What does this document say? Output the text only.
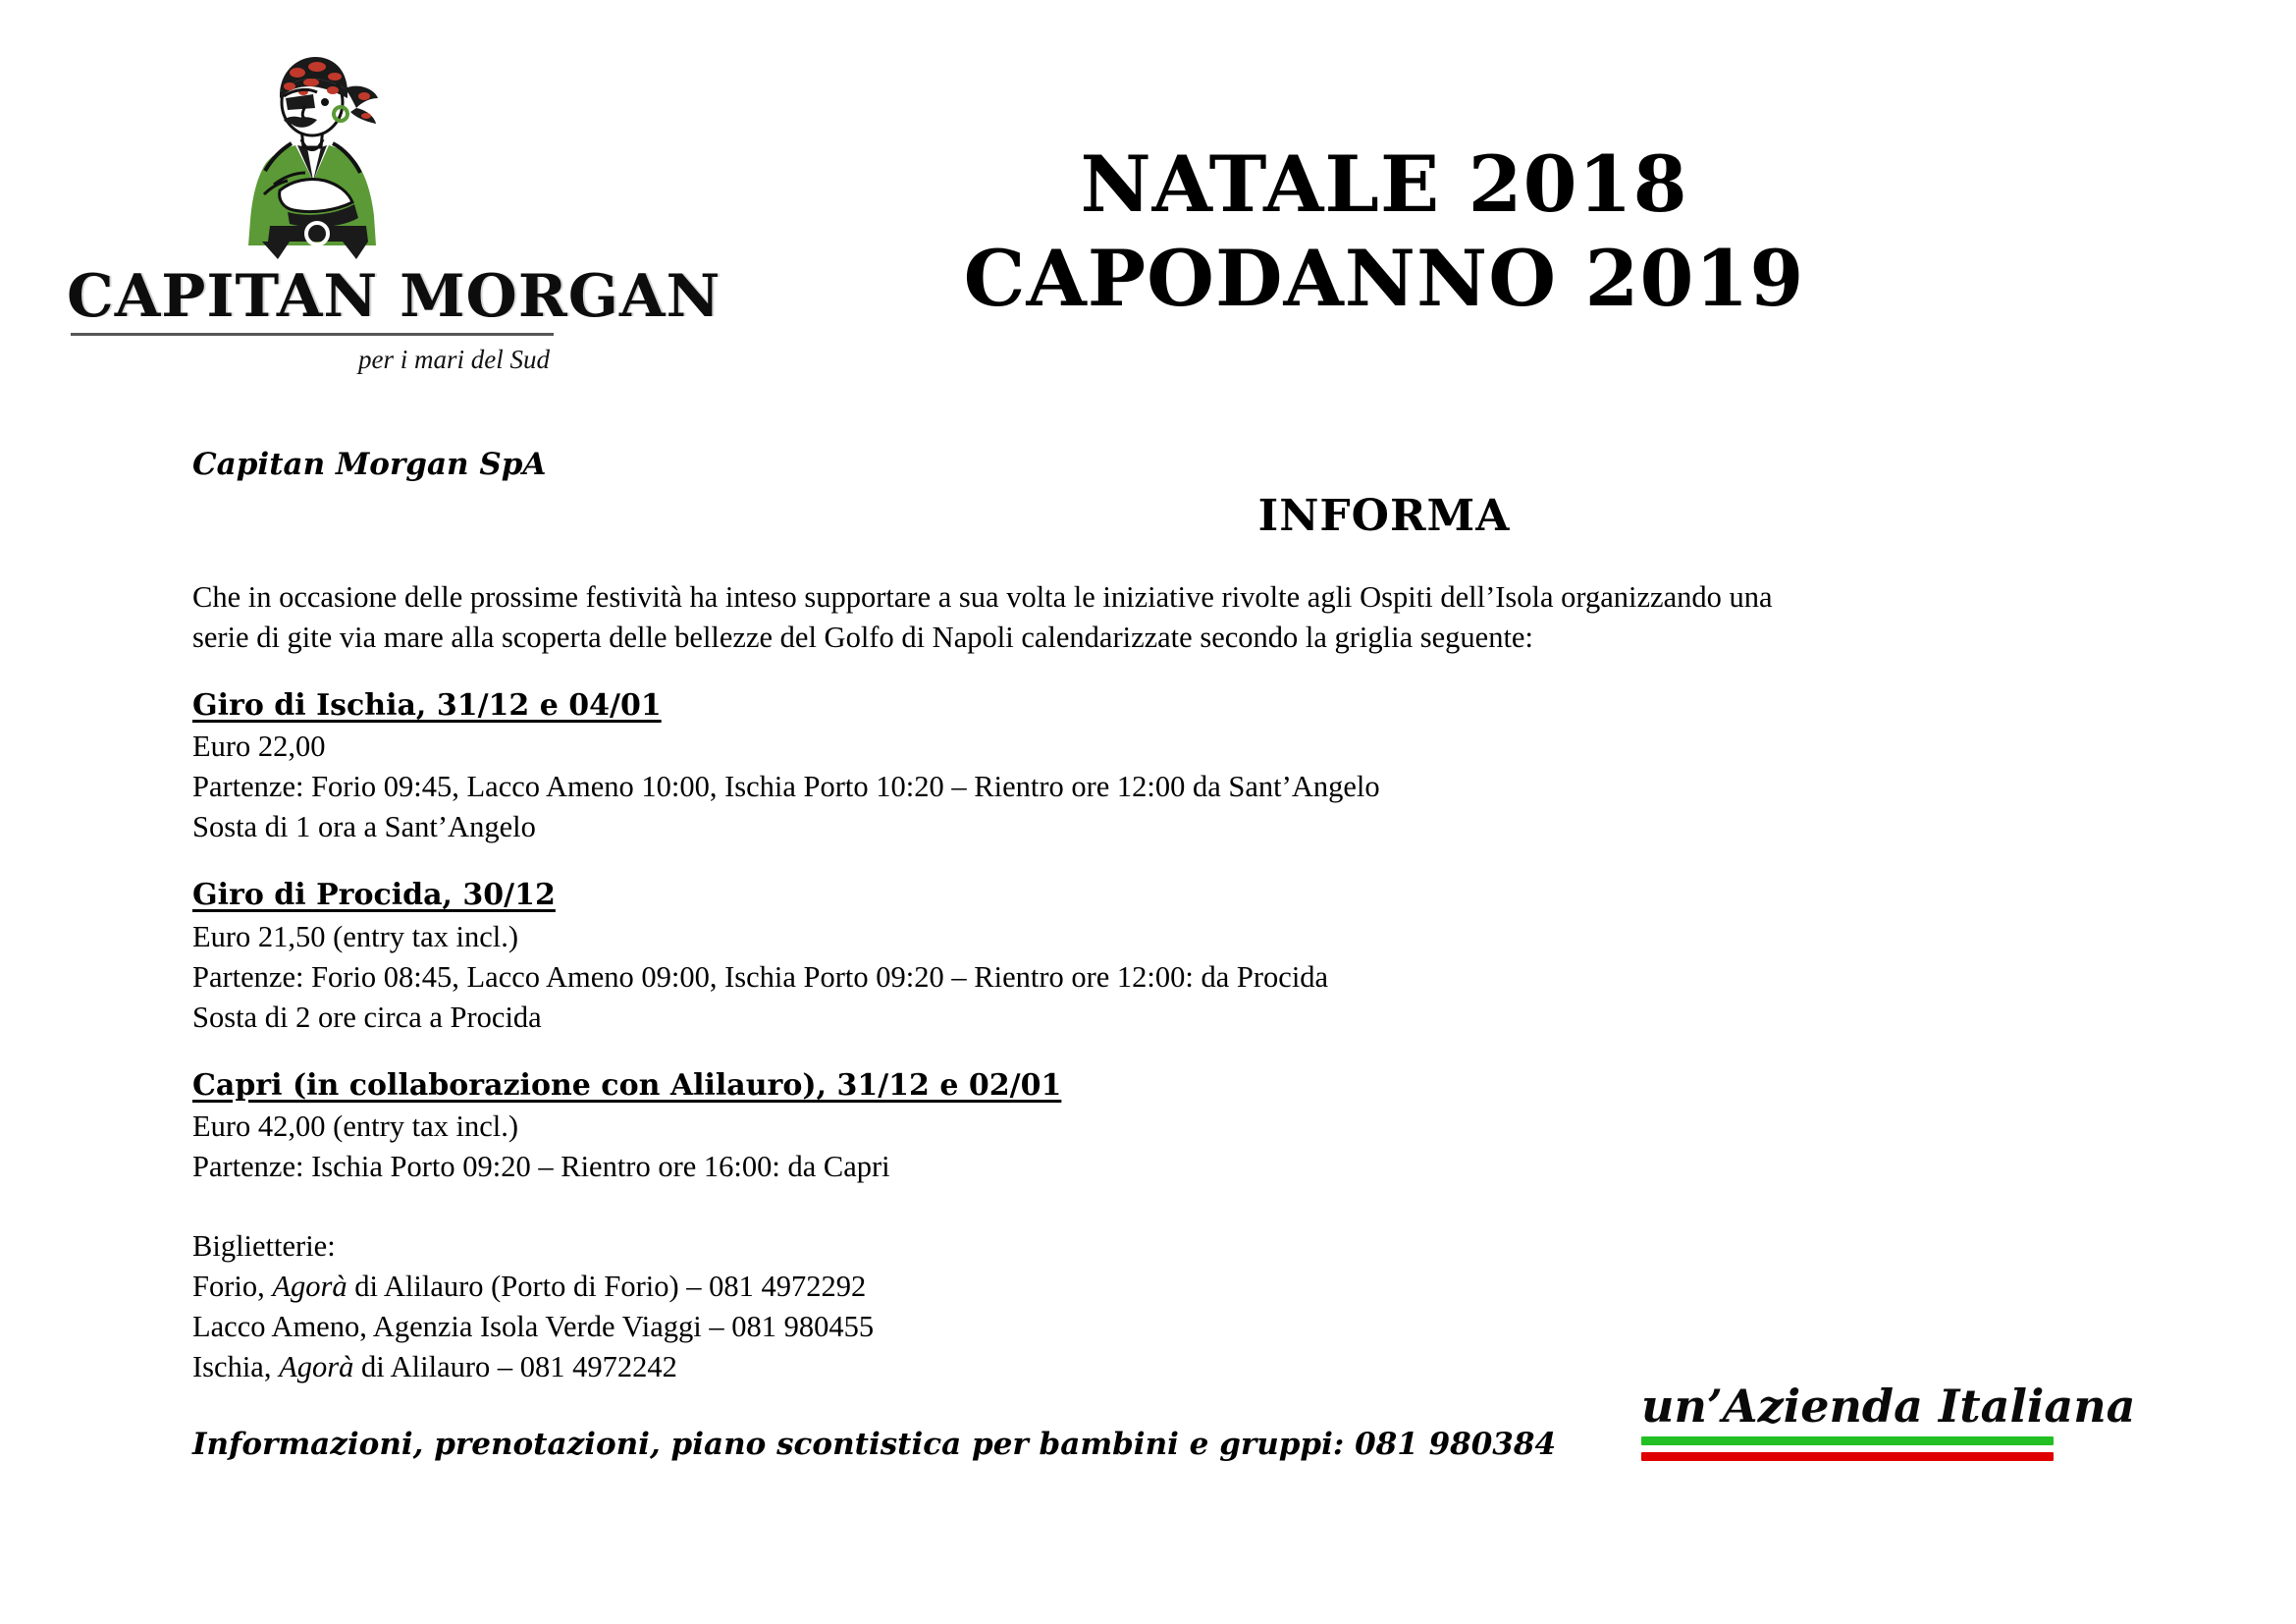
CAPITAN MORGAN
per i mari del Sud
NATALE 2018
CAPODANNO 2019
Capitan Morgan SpA
INFORMA

Che in occasione delle prossime festività ha inteso supportare a sua volta le iniziative rivolte agli Ospiti dell’Isola organizzando una
serie di gite via mare alla scoperta delle bellezze del Golfo di Napoli calendarizzate secondo la griglia seguente:

Giro di Ischia, 31/12 e 04/01
Euro 22,00
Partenze: Forio 09:45, Lacco Ameno 10:00, Ischia Porto 10:20 – Rientro ore 12:00 da Sant’Angelo
Sosta di 1 ora a Sant’Angelo
Giro di Procida, 30/12
Euro 21,50 (entry tax incl.)
Partenze: Forio 08:45, Lacco Ameno 09:00, Ischia Porto 09:20 – Rientro ore 12:00: da Procida
Sosta di 2 ore circa a Procida
Capri (in collaborazione con Alilauro), 31/12 e 02/01
Euro 42,00 (entry tax incl.)
Partenze: Ischia Porto 09:20 – Rientro ore 16:00: da Capri
Biglietterie:
Forio, Agorà di Alilauro (Porto di Forio) – 081 4972292
Lacco Ameno, Agenzia Isola Verde Viaggi – 081 980455
Ischia, Agorà di Alilauro – 081 4972242
Informazioni, prenotazioni, piano scontistica per bambini e gruppi: 081 980384
un’Azienda Italiana
